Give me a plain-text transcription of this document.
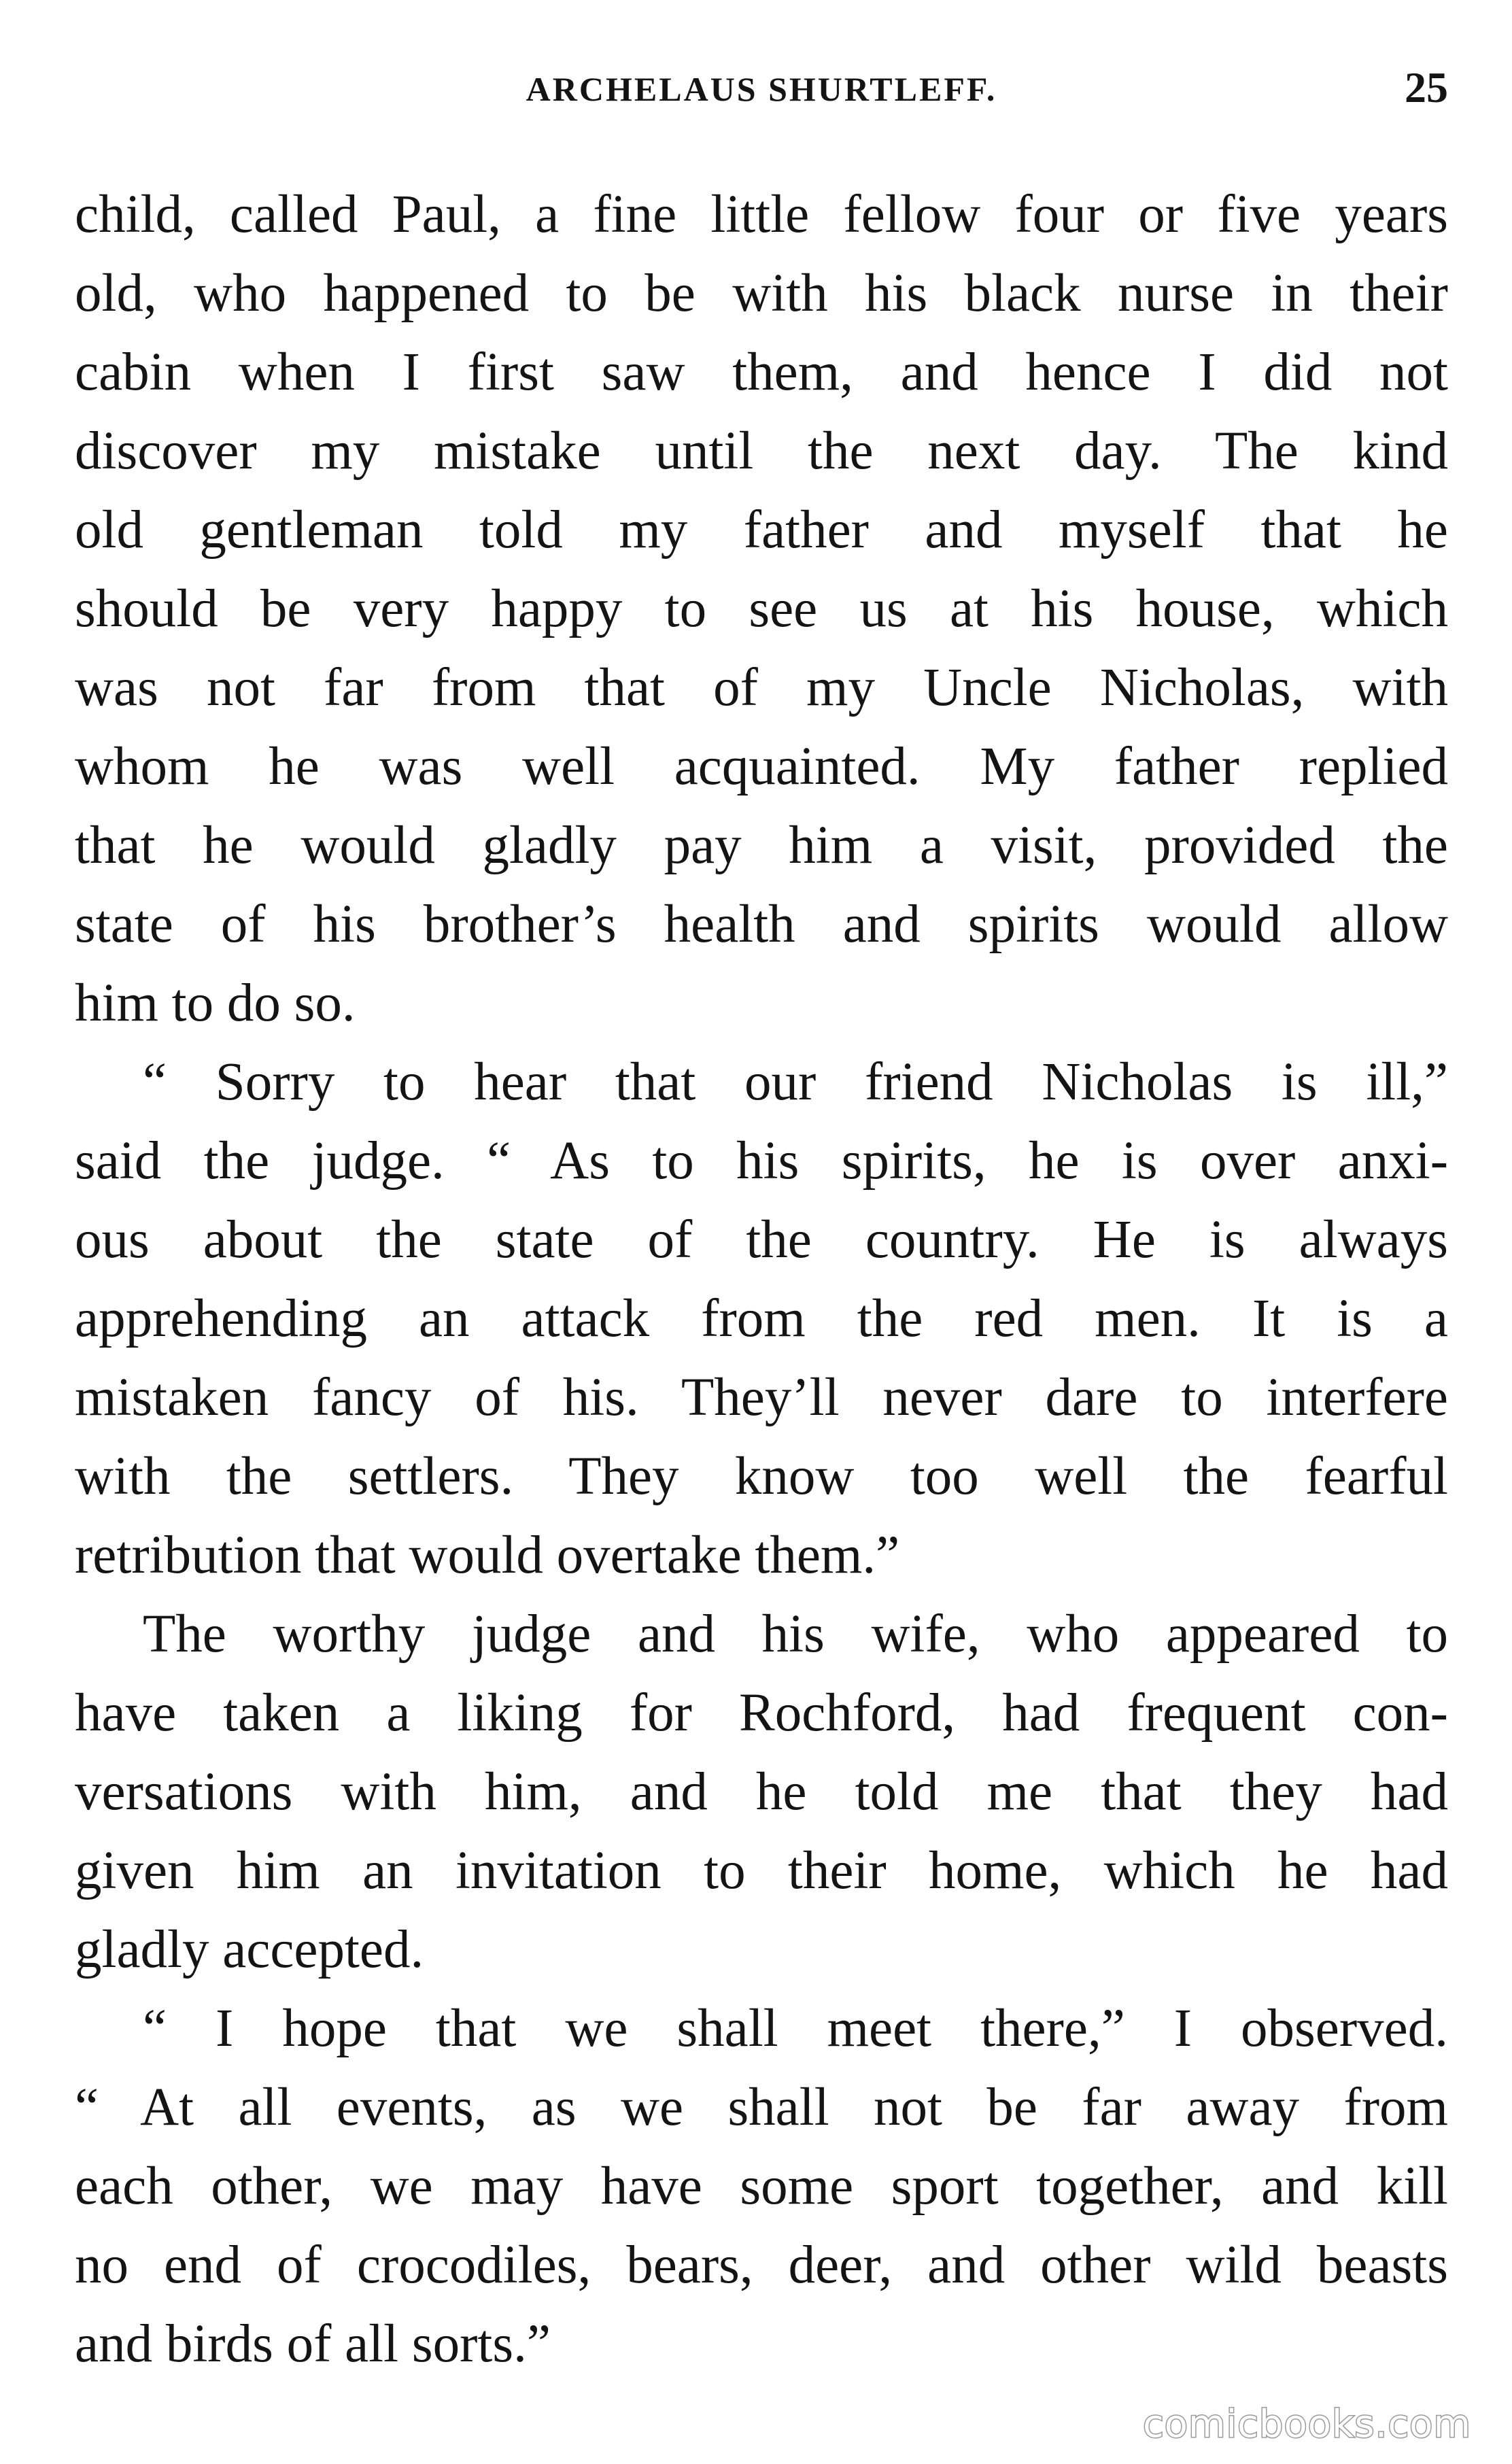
ARCHELAUS SHURTLEFF.	25
child, called Paul, a fine little fellow four or five years
old, who happened to be with his black nurse in their
cabin when I first saw them, and hence I did not
discover my mistake until the next day. The kind
old gentleman told my father and myself that he
should be very happy to see us at his house, which
was not far from that of my Uncle Nicholas, with
whom he was well acquainted. My father replied
that he would gladly pay him a visit, provided the
state of his brother’s health and spirits would allow
him to do so.
“ Sorry to hear that our friend Nicholas is ill,”
said the judge. “ As to his spirits, he is over anxi-
ous about the state of the country. He is always
apprehending an attack from the red men. It is a
mistaken fancy of his. They’ll never dare to interfere
with the settlers. They know too well the fearful
retribution that would overtake them.”
The worthy judge and his wife, who appeared to
have taken a liking for Rochford, had frequent con-
versations with him, and he told me that they had
given him an invitation to their home, which he had
gladly accepted.
“ I hope that we shall meet there,” I observed.
“ At all events, as we shall not be far away from
each other, we may have some sport together, and kill
no end of crocodiles, bears, deer, and other wild beasts
and birds of all sorts.”
comicbooks.com
